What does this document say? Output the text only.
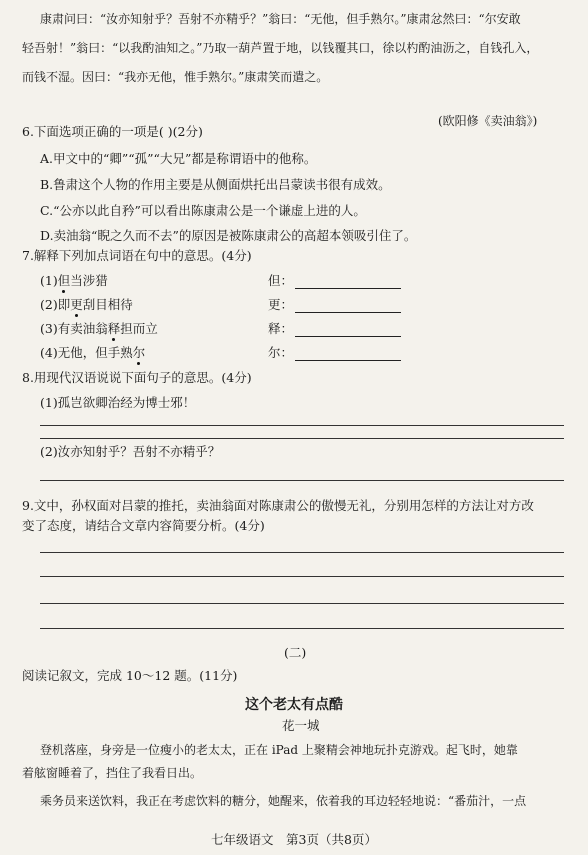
康肃问曰：“汝亦知射乎？吾射不亦精乎？”翁曰：“无他，但手熟尔。”康肃忿然曰：“尔安敢
轻吾射！”翁曰：“以我酌油知之。”乃取一葫芦置于地，以钱覆其口，徐以杓酌油沥之，自钱孔入，
而钱不湿。因曰：“我亦无他，惟手熟尔。”康肃笑而遣之。
(欧阳修《卖油翁》)
6.下面选项正确的一项是( )(2分)
A.甲文中的“卿”“孤”“大兄”都是称谓语中的他称。
B.鲁肃这个人物的作用主要是从侧面烘托出吕蒙读书很有成效。
C.“公亦以此自矜”可以看出陈康肃公是一个谦虚上进的人。
D.卖油翁“睨之久而不去”的原因是被陈康肃公的高超本领吸引住了。
7.解释下列加点词语在句中的意思。(4分)
(1)但当涉猎	但：
(2)即更刮目相待	更：
(3)有卖油翁释担而立	释：
(4)无他，但手熟尔	尔：
8.用现代汉语说说下面句子的意思。(4分)
(1)孤岂欲卿治经为博士邪！
(2)汝亦知射乎？吾射不亦精乎？
9.文中，孙权面对吕蒙的推托，卖油翁面对陈康肃公的傲慢无礼，分别用怎样的方法让对方改
变了态度，请结合文章内容简要分析。(4分)
(二)
阅读记叙文，完成 10～12 题。(11分)
这个老太有点酷
花一城
登机落座，身旁是一位瘦小的老太太，正在 iPad 上聚精会神地玩扑克游戏。起飞时，她靠
着舷窗睡着了，挡住了我看日出。
乘务员来送饮料，我正在考虑饮料的糖分，她醒来，依着我的耳边轻轻地说：“番茄汁，一点
七年级语文　第3页（共8页）
